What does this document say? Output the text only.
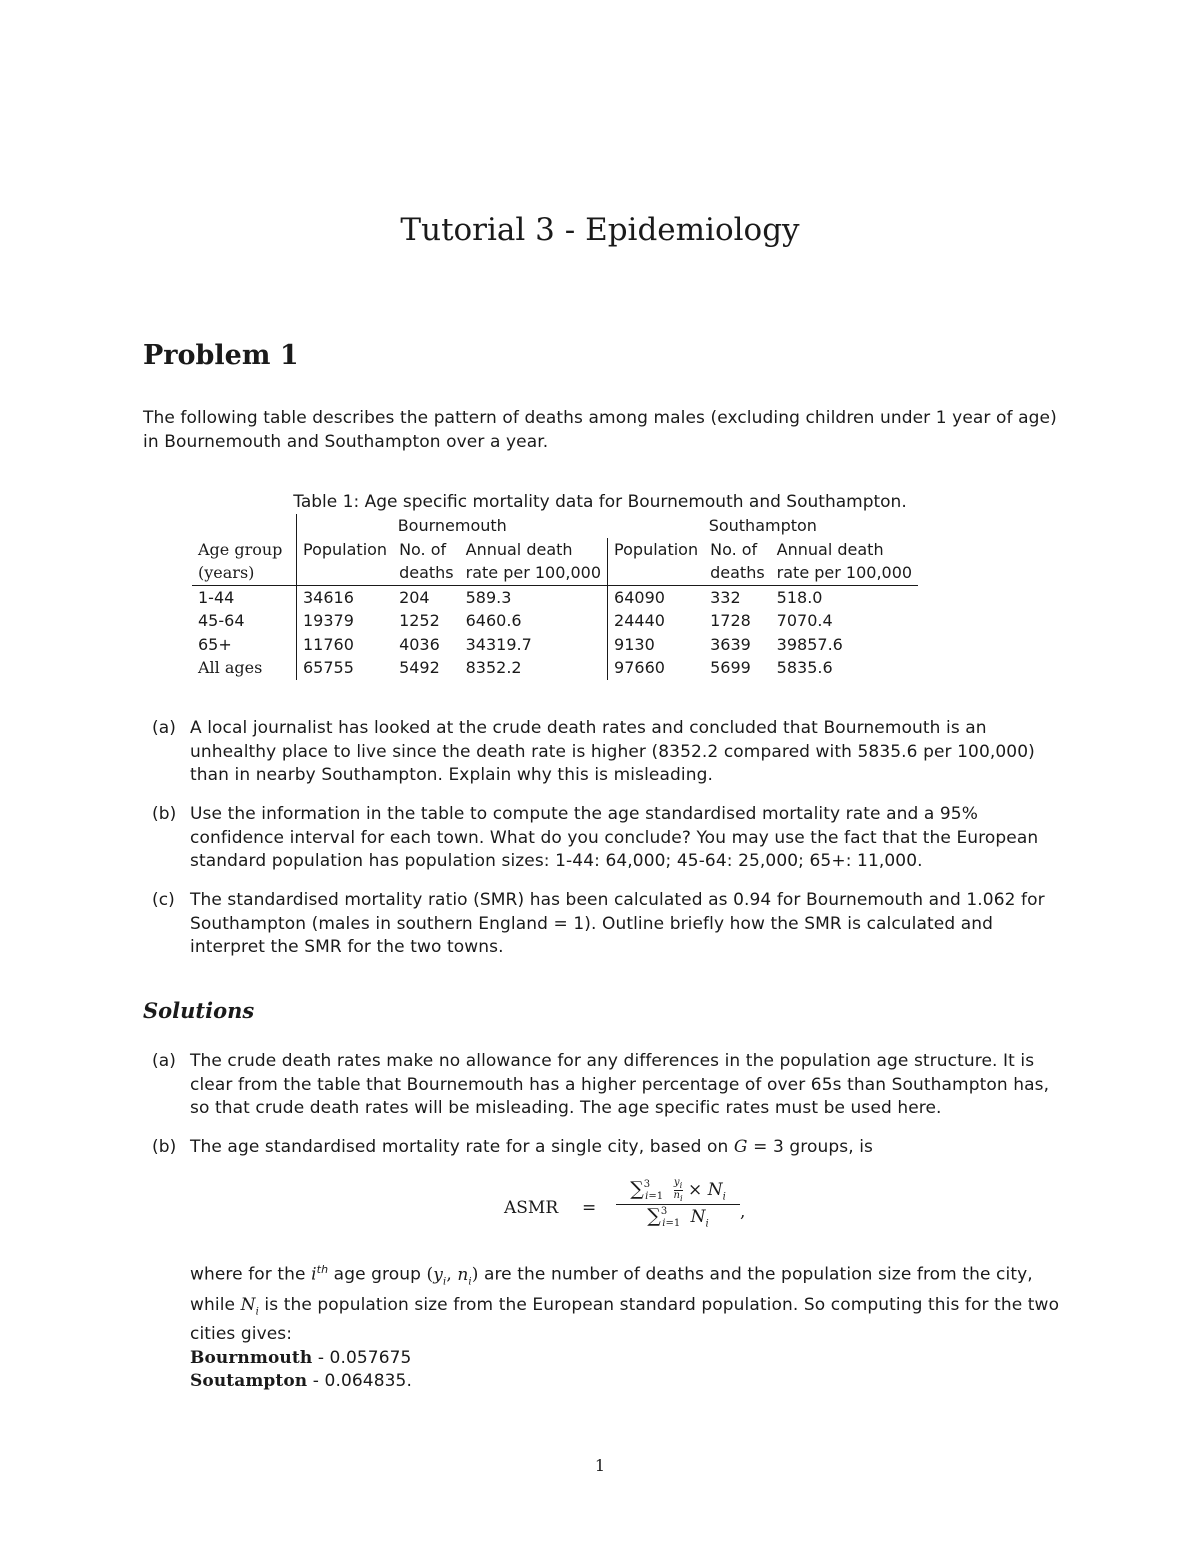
Tutorial 3 - Epidemiology
Problem 1
The following table describes the pattern of deaths among males (excluding children under 1 year of age) in Bournemouth and Southampton over a year.
Table 1: Age specific mortality data for Bournemouth and Southampton.
	Bournemouth			Southampton		
Age group	Population	No. of	Annual death	Population	No. of	Annual death
(years)		deaths	rate per 100,000		deaths	rate per 100,000
1-44	34616	204	589.3	64090	332	518.0
45-64	19379	1252	6460.6	24440	1728	7070.4
65+	11760	4036	34319.7	9130	3639	39857.6
All ages	65755	5492	8352.2	97660	5699	5835.6
(a) A local journalist has looked at the crude death rates and concluded that Bournemouth is an unhealthy place to live since the death rate is higher (8352.2 compared with 5835.6 per 100,000) than in nearby Southampton. Explain why this is misleading.
(b) Use the information in the table to compute the age standardised mortality rate and a 95% confidence interval for each town. What do you conclude? You may use the fact that the European standard population has population sizes: 1-44: 64,000; 45-64: 25,000; 65+: 11,000.
(c) The standardised mortality ratio (SMR) has been calculated as 0.94 for Bournemouth and 1.062 for Southampton (males in southern England = 1). Outline briefly how the SMR is calculated and interpret the SMR for the two towns.
Solutions
(a) The crude death rates make no allowance for any differences in the population age structure. It is clear from the table that Bournemouth has a higher percentage of over 65s than Southampton has, so that crude death rates will be misleading. The age specific rates must be used here.
(b) The age standardised mortality rate for a single city, based on G = 3 groups, is
ASMR =
$\sum^3_{i=1} \frac{y_i}{n_i} \times N_i$
∑$^3_{i=1}$ $N_i$
,
where for the $i^{th}$ age group ($y_i$, $n_i$) are the number of deaths and the population size from the city, while $N_i$ is the population size from the European standard population. So computing this for the two cities gives:
Bournmouth - 0.057675
Soutampton - 0.064835.
1
